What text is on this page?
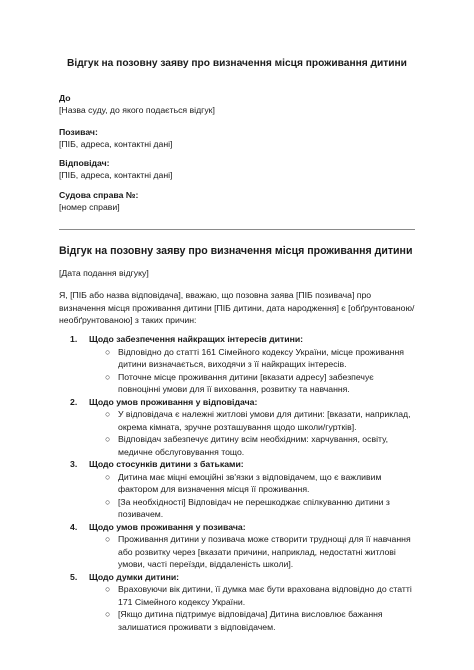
Відгук на позовну заяву про визначення місця проживання дитини
До
[Назва суду, до якого подається відгук]
Позивач:
[ПІБ, адреса, контактні дані]
Відповідач:
[ПІБ, адреса, контактні дані]
Судова справа №:
[номер справи]
Відгук на позовну заяву про визначення місця проживання дитини
[Дата подання відгуку]
Я, [ПІБ або назва відповідача], вважаю, що позовна заява [ПІБ позивача] про визначення місця проживання дитини [ПІБ дитини, дата народження] є [обґрунтованою/необґрунтованою] з таких причин:
1. Щодо забезпечення найкращих інтересів дитини:
○ Відповідно до статті 161 Сімейного кодексу України, місце проживання дитини визначається, виходячи з її найкращих інтересів.
○ Поточне місце проживання дитини [вказати адресу] забезпечує повноцінні умови для її виховання, розвитку та навчання.
2. Щодо умов проживання у відповідача:
○ У відповідача є належні житлові умови для дитини: [вказати, наприклад, окрема кімната, зручне розташування щодо школи/гуртків].
○ Відповідач забезпечує дитину всім необхідним: харчування, освіту, медичне обслуговування тощо.
3. Щодо стосунків дитини з батьками:
○ Дитина має міцні емоційні зв'язки з відповідачем, що є важливим фактором для визначення місця її проживання.
○ [За необхідності] Відповідач не перешкоджає спілкуванню дитини з позивачем.
4. Щодо умов проживання у позивача:
○ Проживання дитини у позивача може створити труднощі для її навчання або розвитку через [вказати причини, наприклад, недостатні житлові умови, часті переїзди, віддаленість школи].
5. Щодо думки дитини:
○ Враховуючи вік дитини, її думка має бути врахована відповідно до статті 171 Сімейного кодексу України.
○ [Якщо дитина підтримує відповідача] Дитина висловлює бажання залишатися проживати з відповідачем.
